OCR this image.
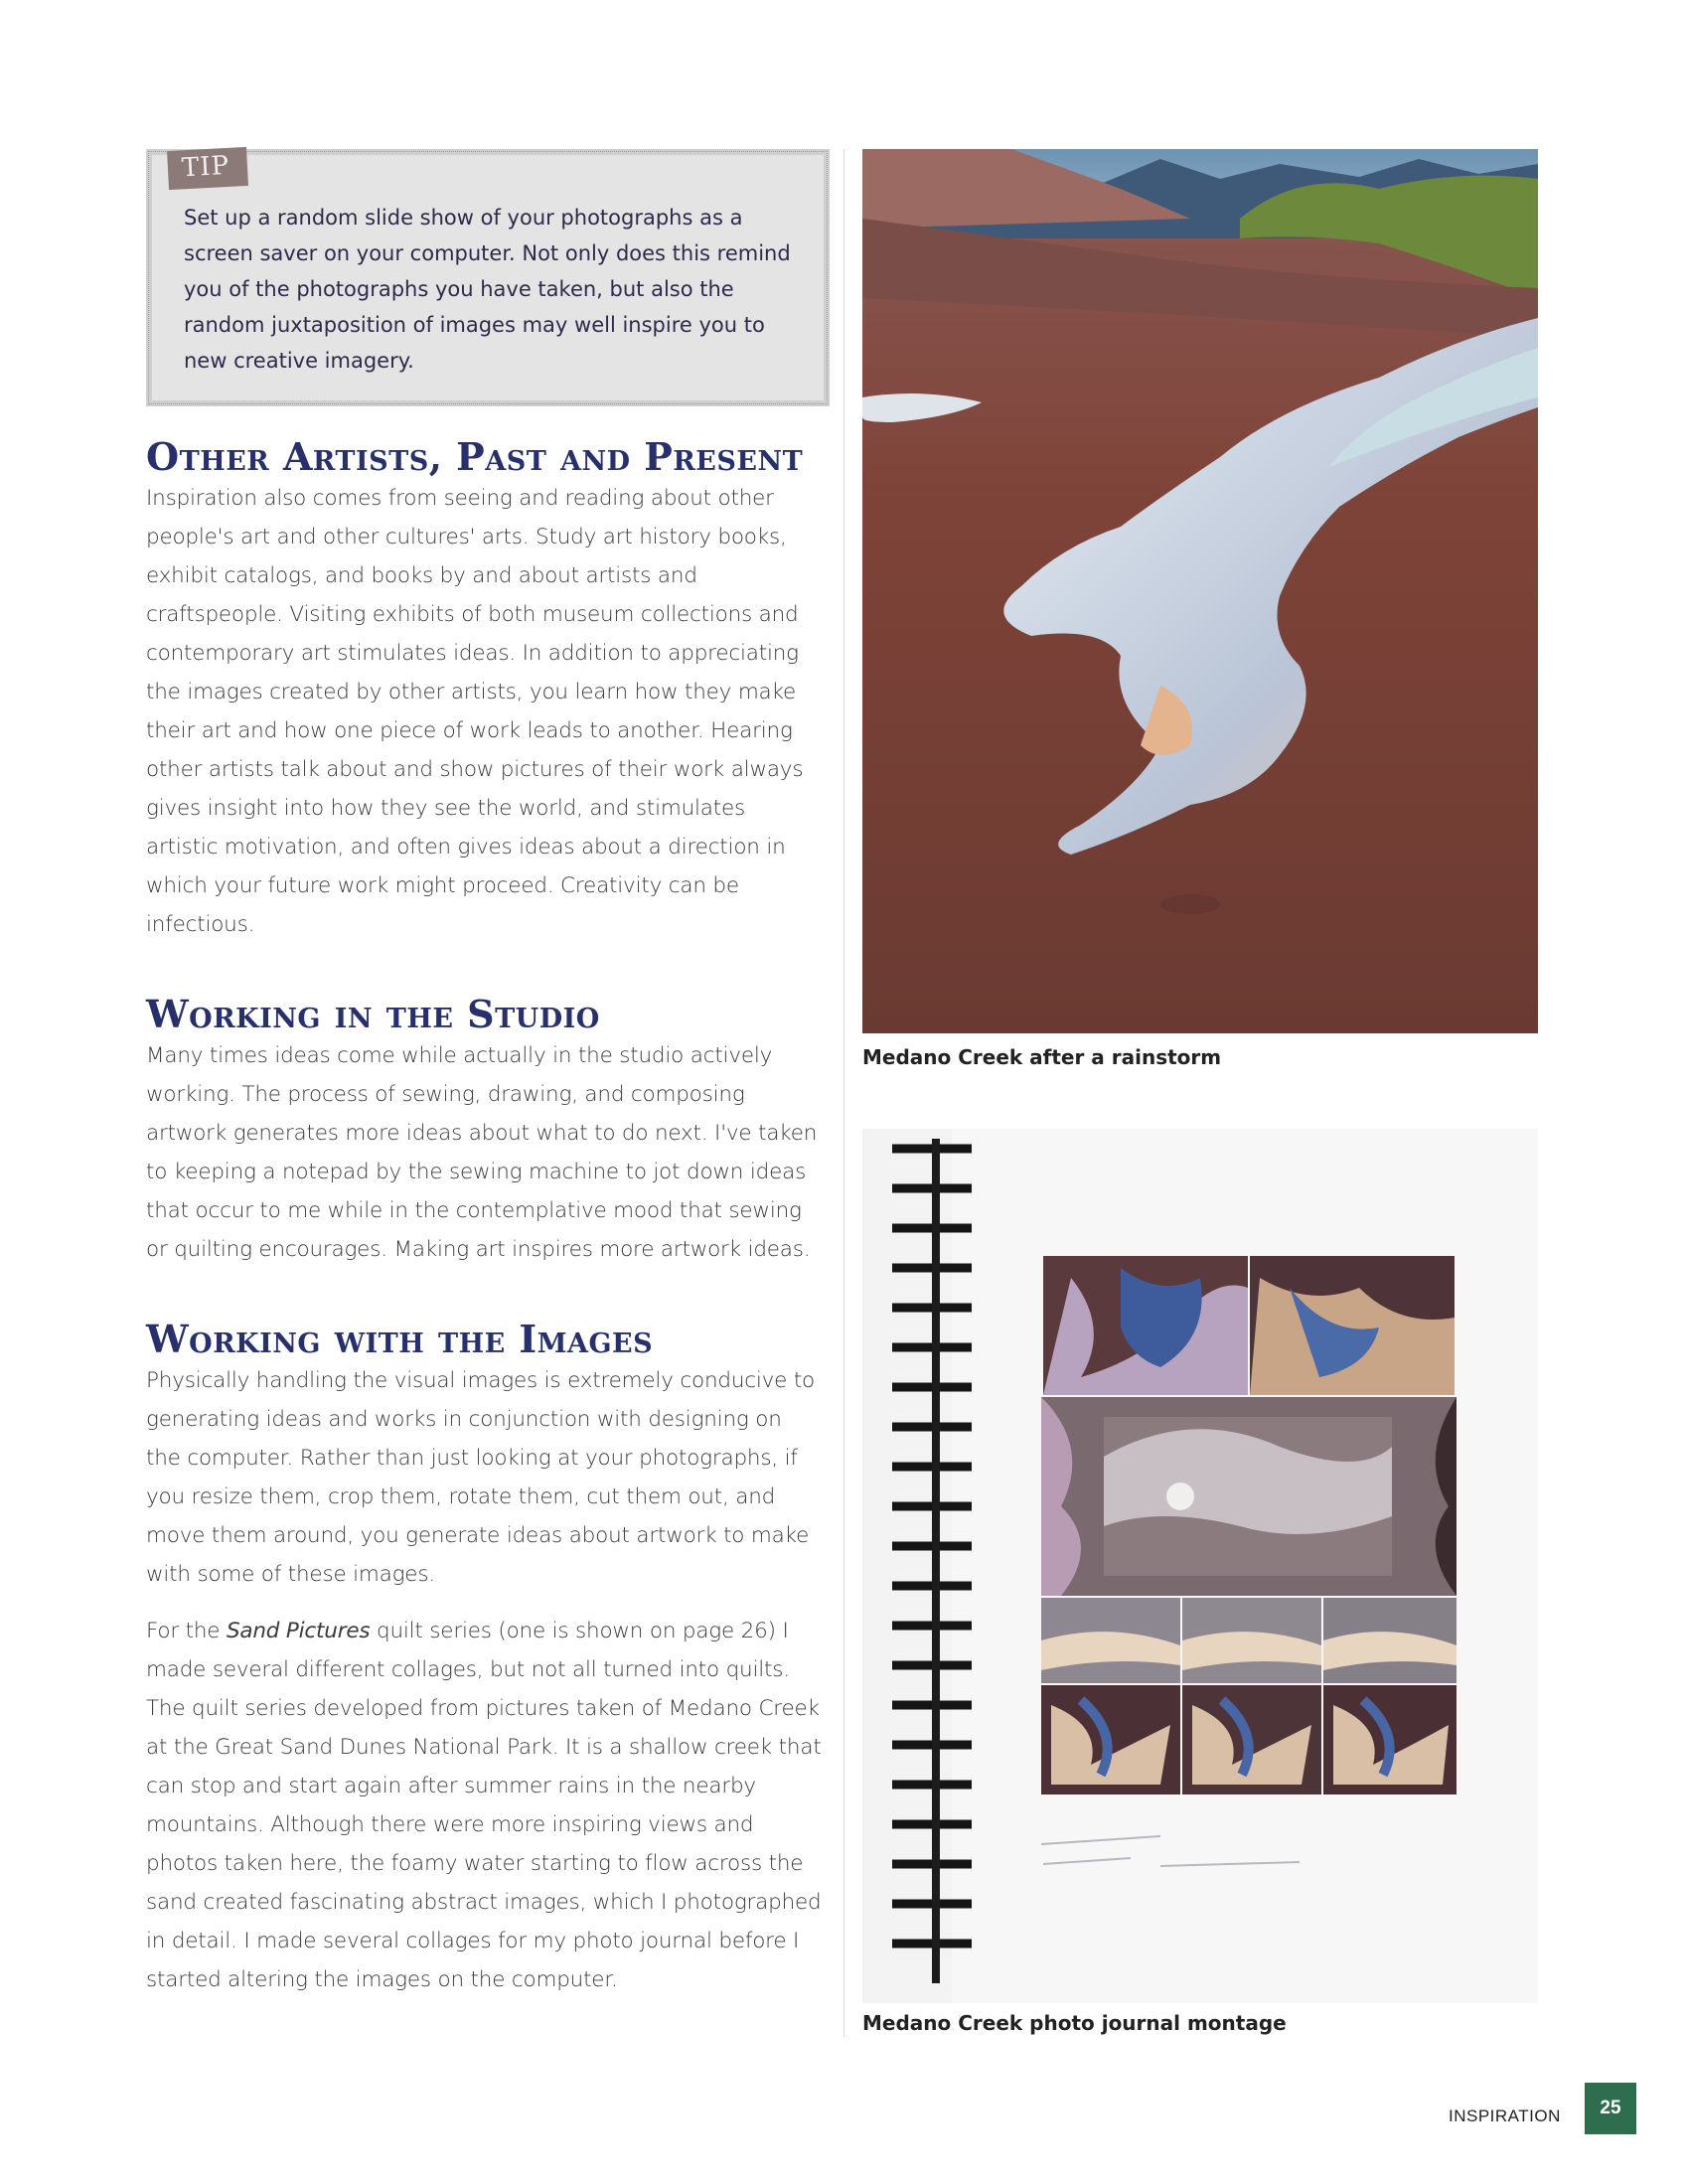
TIP

Set up a random slide show of your photographs as a screen saver on your computer. Not only does this remind you of the photographs you have taken, but also the random juxtaposition of images may well inspire you to new creative imagery.

Other Artists, Past and Present

Inspiration also comes from seeing and reading about other people's art and other cultures' arts. Study art history books, exhibit catalogs, and books by and about artists and craftspeople. Visiting exhibits of both museum collections and contemporary art stimulates ideas. In addition to appreciating the images created by other artists, you learn how they make their art and how one piece of work leads to another. Hearing other artists talk about and show pictures of their work always gives insight into how they see the world, and stimulates artistic motivation, and often gives ideas about a direction in which your future work might proceed. Creativity can be infectious.

Working in the Studio

Many times ideas come while actually in the studio actively working. The process of sewing, drawing, and composing artwork generates more ideas about what to do next. I've taken to keeping a notepad by the sewing machine to jot down ideas that occur to me while in the contemplative mood that sewing or quilting encourages. Making art inspires more artwork ideas.

Working with the Images

Physically handling the visual images is extremely conducive to generating ideas and works in conjunction with designing on the computer. Rather than just looking at your photographs, if you resize them, crop them, rotate them, cut them out, and move them around, you generate ideas about artwork to make with some of these images.

For the Sand Pictures quilt series (one is shown on page 26) I made several different collages, but not all turned into quilts. The quilt series developed from pictures taken of Medano Creek at the Great Sand Dunes National Park. It is a shallow creek that can stop and start again after summer rains in the nearby mountains. Although there were more inspiring views and photos taken here, the foamy water starting to flow across the sand created fascinating abstract images, which I photographed in detail. I made several collages for my photo journal before I started altering the images on the computer.

Medano Creek after a rainstorm
Medano Creek photo journal montage
INSPIRATION	25
